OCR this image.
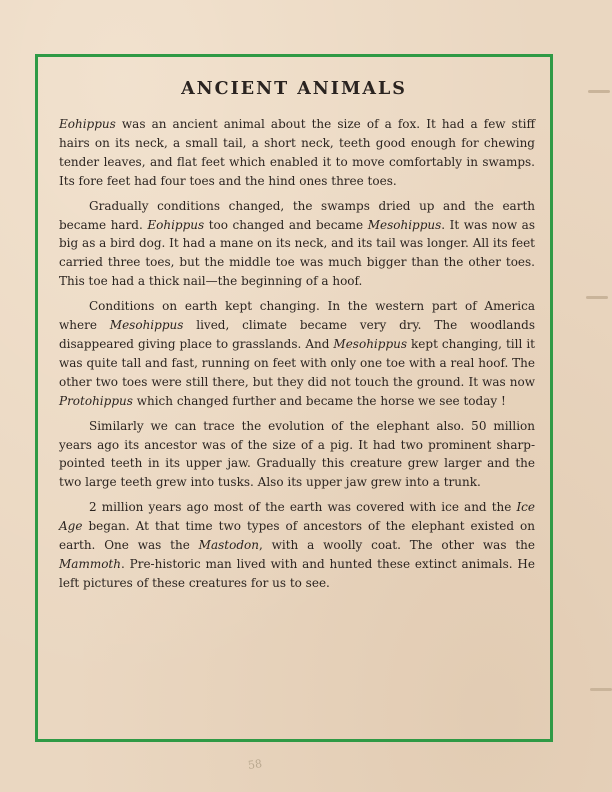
ANCIENT ANIMALS

Eohippus was an ancient animal about the size of a fox. It had a few stiff hairs on its neck, a small tail, a short neck, teeth good enough for chewing tender leaves, and flat feet which enabled it to move comfortably in swamps. Its fore feet had four toes and the hind ones three toes.

Gradually conditions changed, the swamps dried up and the earth became hard. Eohippus too changed and became Mesohippus. It was now as big as a bird dog. It had a mane on its neck, and its tail was longer. All its feet carried three toes, but the middle toe was much bigger than the other toes. This toe had a thick nail—the beginning of a hoof.

Conditions on earth kept changing. In the western part of America where Mesohippus lived, climate became very dry. The woodlands disappeared giving place to grasslands. And Mesohippus kept changing, till it was quite tall and fast, running on feet with only one toe with a real hoof. The other two toes were still there, but they did not touch the ground. It was now Protohippus which changed further and became the horse we see today !

Similarly we can trace the evolution of the elephant also. 50 million years ago its ancestor was of the size of a pig. It had two prominent sharp-pointed teeth in its upper jaw. Gradually this creature grew larger and the two large teeth grew into tusks. Also its upper jaw grew into a trunk.

2 million years ago most of the earth was covered with ice and the Ice Age began. At that time two types of ancestors of the elephant existed on earth. One was the Mastodon, with a woolly coat. The other was the Mammoth. Pre-historic man lived with and hunted these extinct animals. He left pictures of these creatures for us to see.

58
